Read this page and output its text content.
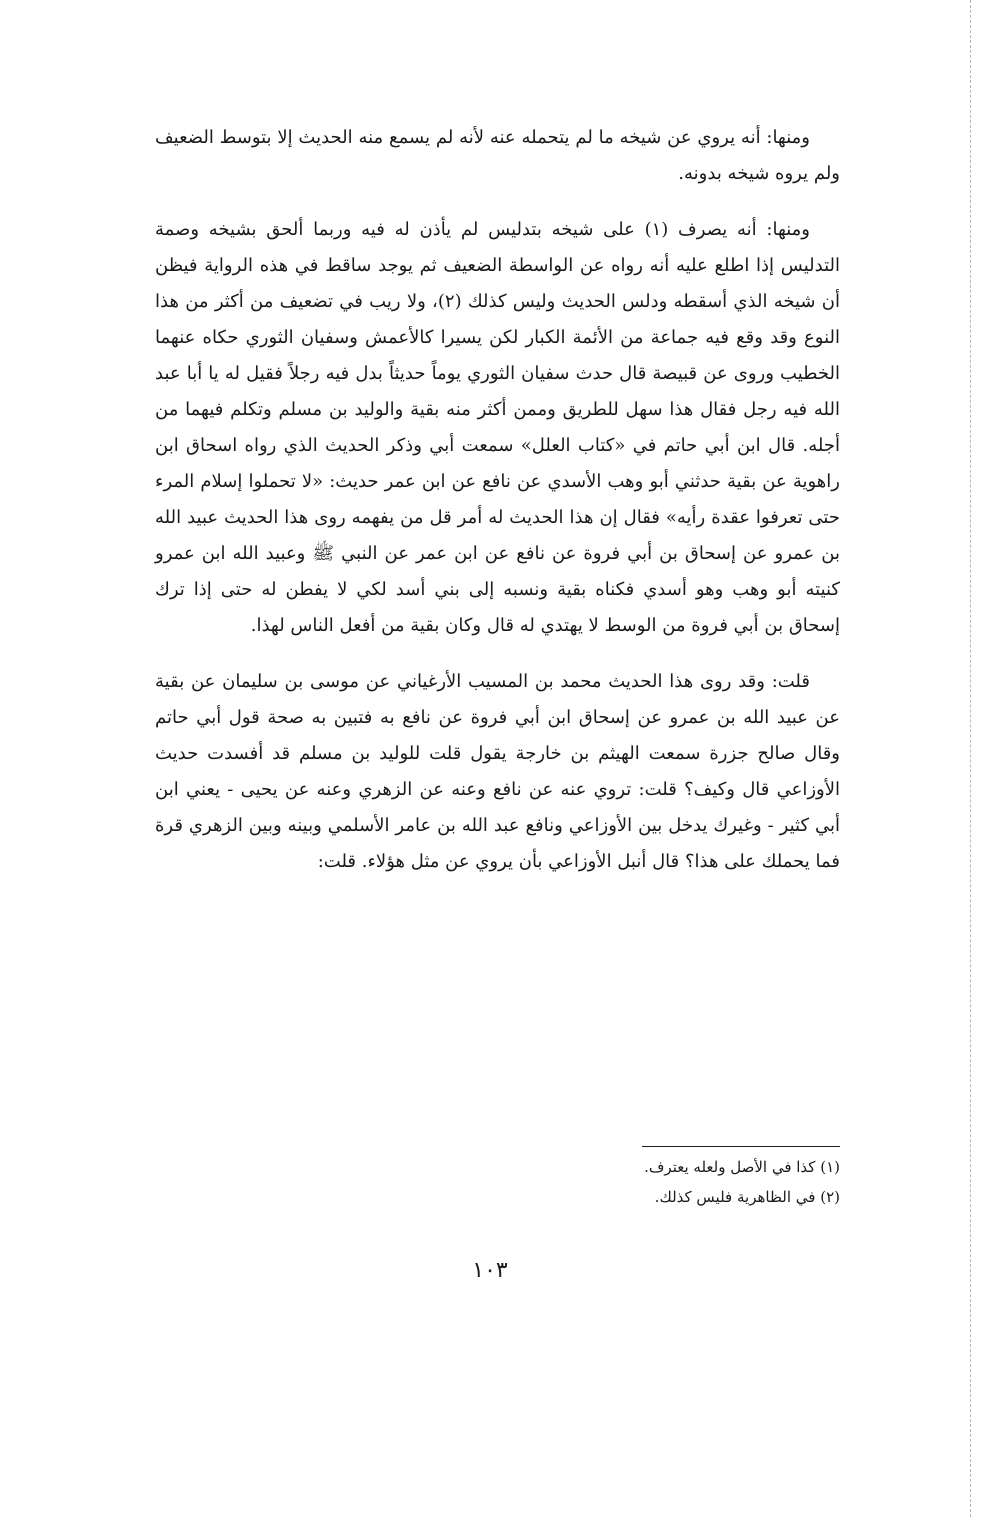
ومنها: أنه يروي عن شيخه ما لم يتحمله عنه لأنه لم يسمع منه الحديث إلا بتوسط الضعيف ولم يروه شيخه بدونه.

ومنها: أنه يصرف (١) على شيخه بتدليس لم يأذن له فيه وربما ألحق بشيخه وصمة التدليس إذا اطلع عليه أنه رواه عن الواسطة الضعيف ثم يوجد ساقط في هذه الرواية فيظن أن شيخه الذي أسقطه ودلس الحديث وليس كذلك (٢)، ولا ريب في تضعيف من أكثر من هذا النوع وقد وقع فيه جماعة من الأئمة الكبار لكن يسيرا كالأعمش وسفيان الثوري حكاه عنهما الخطيب وروى عن قبيصة قال حدث سفيان الثوري يوماً حديثاً بدل فيه رجلاً فقيل له يا أبا عبد الله فيه رجل فقال هذا سهل للطريق وممن أكثر منه بقية والوليد بن مسلم وتكلم فيهما من أجله. قال ابن أبي حاتم في «كتاب العلل» سمعت أبي وذكر الحديث الذي رواه اسحاق ابن راهوية عن بقية حدثني أبو وهب الأسدي عن نافع عن ابن عمر حديث: «لا تحملوا إسلام المرء حتى تعرفوا عقدة رأيه» فقال إن هذا الحديث له أمر قل من يفهمه روى هذا الحديث عبيد الله بن عمرو عن إسحاق بن أبي فروة عن نافع عن ابن عمر عن النبي ﷺ وعبيد الله ابن عمرو كنيته أبو وهب وهو أسدي فكناه بقية ونسبه إلى بني أسد لكي لا يفطن له حتى إذا ترك إسحاق بن أبي فروة من الوسط لا يهتدي له قال وكان بقية من أفعل الناس لهذا.

قلت: وقد روى هذا الحديث محمد بن المسيب الأرغياني عن موسى بن سليمان عن بقية عن عبيد الله بن عمرو عن إسحاق ابن أبي فروة عن نافع به فتبين به صحة قول أبي حاتم وقال صالح جزرة سمعت الهيثم بن خارجة يقول قلت للوليد بن مسلم قد أفسدت حديث الأوزاعي قال وكيف؟ قلت: تروي عنه عن نافع وعنه عن الزهري وعنه عن يحيى - يعني ابن أبي كثير - وغيرك يدخل بين الأوزاعي ونافع عبد الله بن عامر الأسلمي وبينه وبين الزهري قرة فما يحملك على هذا؟ قال أنبل الأوزاعي بأن يروي عن مثل هؤلاء. قلت:

(١) كذا في الأصل ولعله يعترف.

(٢) في الظاهرية فليس كذلك.

١٠٣
